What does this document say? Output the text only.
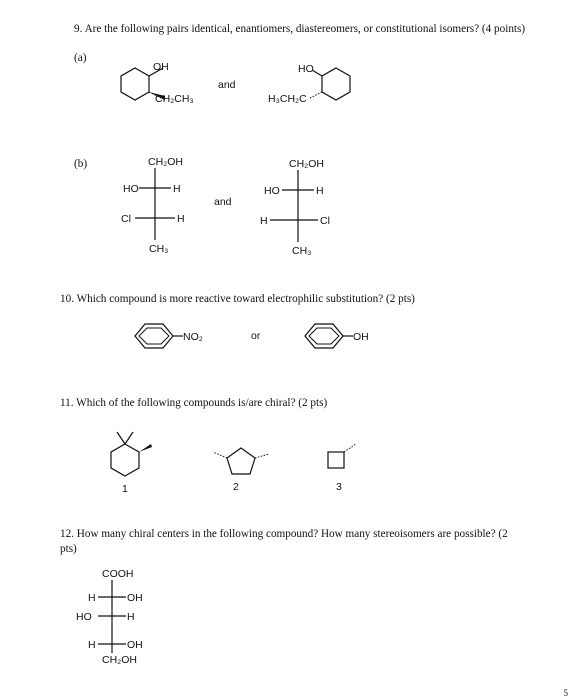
9. Are the following pairs identical, enantiomers, diastereomers, or constitutional isomers? (4 points)
(a)
OH
CH₂CH₃
and
HO
H₃CH₂C
(b)	CH₂OH
HO	H
Cl	H
CH₃
and
CH₂OH
HO	H
H	Cl
CH₃
10. Which compound is more reactive toward electrophilic substitution? (2 pts)
NO₂	or	OH
11. Which of the following compounds is/are chiral? (2 pts)
1	2	3
12. How many chiral centers in the following compound? How many stereoisomers are possible? (2
pts)
COOH
H	OH
HO	H
H	OH
CH₂OH
5
